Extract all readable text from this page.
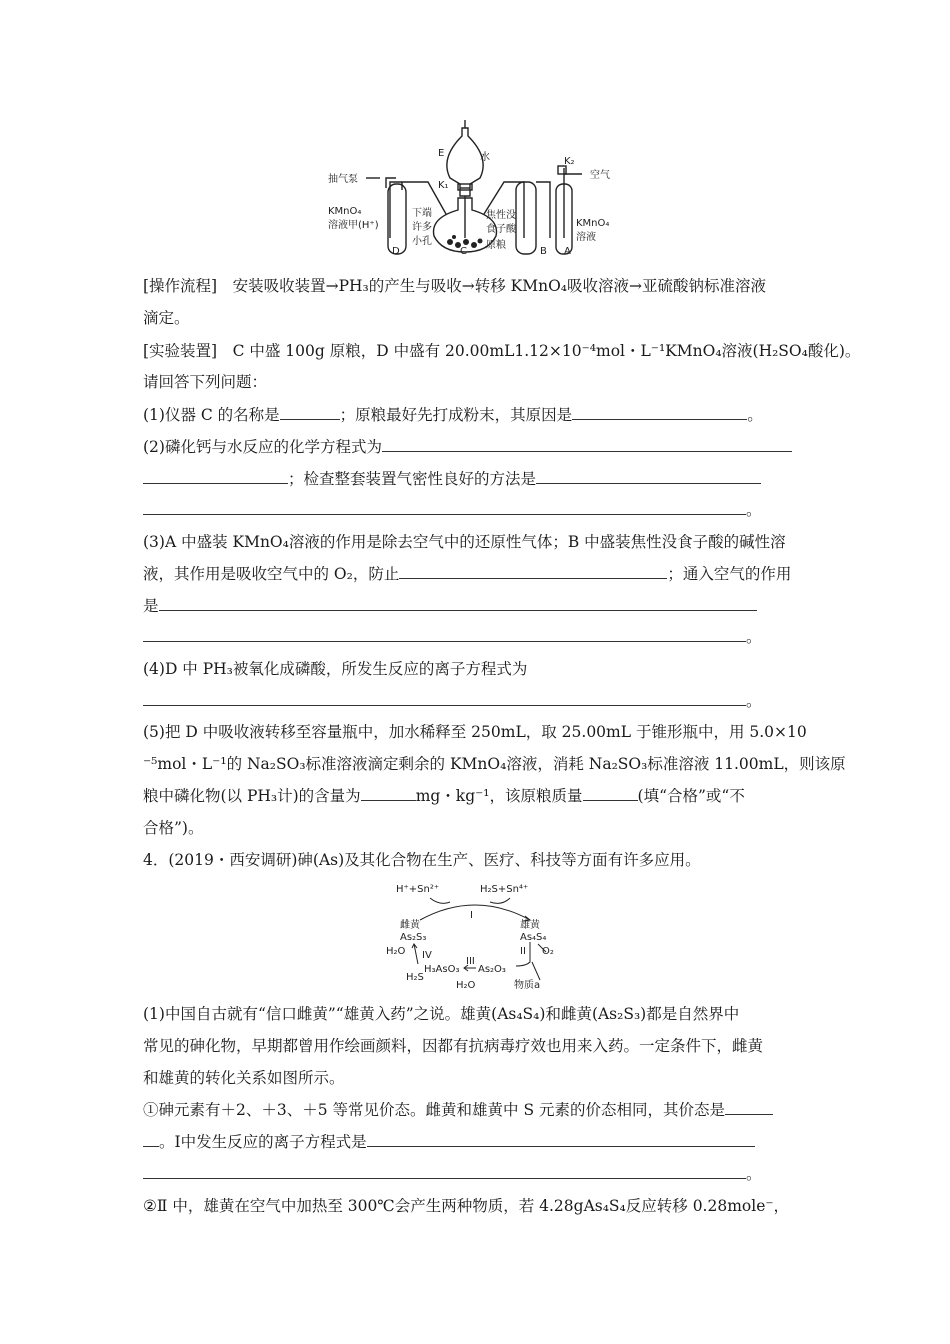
E	水
K₁
K₂
空气
抽气泵
KMnO₄
溶液甲(H⁺)
下端
许多
小孔
焦性没
食子酸
原粮
KMnO₄
溶液
D	C	B A
[操作流程]　安装吸收装置→PH₃的产生与吸收→转移 KMnO₄吸收溶液→亚硫酸钠标准溶液
滴定。
[实验装置]　C 中盛 100g 原粮，D 中盛有 20.00mL1.12×10⁻⁴mol・L⁻¹KMnO₄溶液(H₂SO₄酸化)。
请回答下列问题：
(1)仪器 C 的名称是	；原粮最好先打成粉末，其原因是	。
(2)磷化钙与水反应的化学方程式为
；检查整套装置气密性良好的方法是
。
(3)A 中盛装 KMnO₄溶液的作用是除去空气中的还原性气体；B 中盛装焦性没食子酸的碱性溶
液，其作用是吸收空气中的 O₂，防止	；通入空气的作用
是
。
(4)D 中 PH₃被氧化成磷酸，所发生反应的离子方程式为
。
(5)把 D 中吸收液转移至容量瓶中，加水稀释至 250mL，取 25.00mL 于锥形瓶中，用 5.0×10
⁻⁵mol・L⁻¹的 Na₂SO₃标准溶液滴定剩余的 KMnO₄溶液，消耗 Na₂SO₃标准溶液 11.00mL，则该原
粮中磷化物(以 PH₃计)的含量为	mg・kg⁻¹，该原粮质量	(填“合格”或“不
合格”)。
4．(2019・西安调研)砷(As)及其化合物在生产、医疗、科技等方面有许多应用。
H⁺+Sn²⁺	H₂S+Sn⁴⁺
I
雌黄
As₂S₃
雄黄
As₄S₄
II O₂
H₂O IV
H₂S
H₃AsO₃
III
As₂O₃
H₂O	物质a
(1)中国自古就有“信口雌黄”“雄黄入药”之说。雄黄(As₄S₄)和雌黄(As₂S₃)都是自然界中
常见的砷化物，早期都曾用作绘画颜料，因都有抗病毒疗效也用来入药。一定条件下，雌黄
和雄黄的转化关系如图所示。
①砷元素有＋2、＋3、＋5 等常见价态。雌黄和雄黄中 S 元素的价态相同，其价态是
。Ⅰ中发生反应的离子方程式是
。
②Ⅱ 中，雄黄在空气中加热至 300℃会产生两种物质，若 4.28gAs₄S₄反应转移 0.28mole⁻，
